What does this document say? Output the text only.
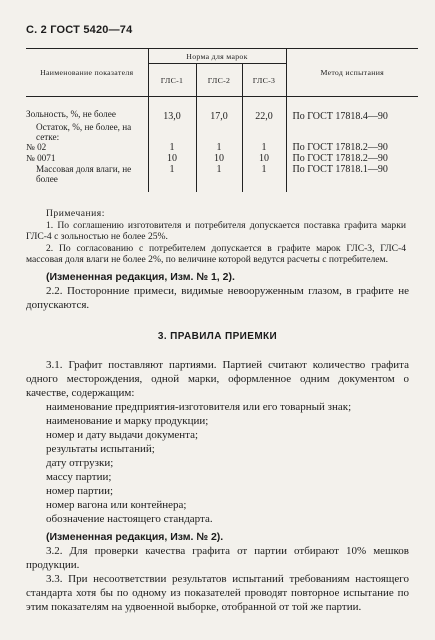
С. 2 ГОСТ 5420—74
Наименование показателя	Норма для марок			Метод испытания
	ГЛС-1	ГЛС-2	ГЛС-3	
Зольность, %, не более	13,0	17,0	22,0	По ГОСТ 17818.4—90
Остаток, %, не более, на сетке:				
№ 02	1	1	1	По ГОСТ 17818.2—90
№ 0071	10	10	10	По ГОСТ 17818.2—90
Массовая доля влаги, не более	1	1	1	По ГОСТ 17818.1—90

Примечания:

1. По соглашению изготовителя и потребителя допускается поставка графита марки ГЛС-4 с зольностью не более 25%.

2. По согласованию с потребителем допускается в графите марок ГЛС-3, ГЛС-4 массовая доля влаги не более 2%, по величине которой ведутся расчеты с потребителем.

(Измененная редакция, Изм. № 1, 2).

2.2. Посторонние примеси, видимые невооруженным глазом, в графите не допускаются.

3. ПРАВИЛА ПРИЕМКИ

3.1. Графит поставляют партиями. Партией считают количество графита одного месторождения, одной марки, оформленное одним документом о качестве, содержащим:

наименование предприятия-изготовителя или его товарный знак;

наименование и марку продукции;

номер и дату выдачи документа;

результаты испытаний;

дату отгрузки;

массу партии;

номер партии;

номер вагона или контейнера;

обозначение настоящего стандарта.

(Измененная редакция, Изм. № 2).

3.2. Для проверки качества графита от партии отбирают 10% мешков продукции.

3.3. При несоответствии результатов испытаний требованиям настоящего стандарта хотя бы по одному из показателей проводят повторное испытание по этим показателям на удвоенной выборке, отобранной от той же партии.
